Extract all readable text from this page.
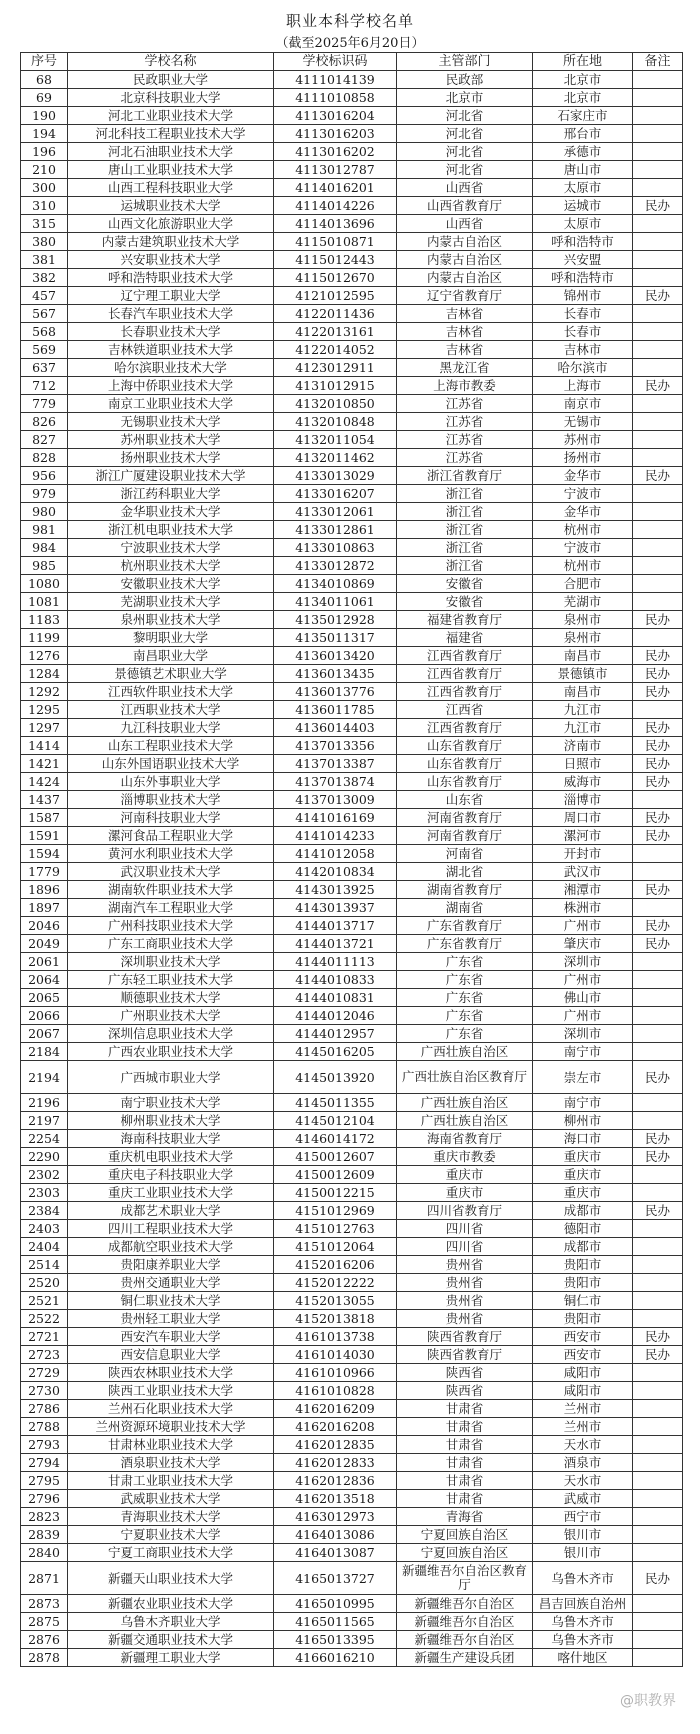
职业本科学校名单
（截至2025年6月20日）
序号	学校名称	学校标识码	主管部门	所在地	备注
68	民政职业大学	4111014139	民政部	北京市	
69	北京科技职业大学	4111010858	北京市	北京市	
190	河北工业职业技术大学	4113016204	河北省	石家庄市	
194	河北科技工程职业技术大学	4113016203	河北省	邢台市	
196	河北石油职业技术大学	4113016202	河北省	承德市	
210	唐山工业职业技术大学	4113012787	河北省	唐山市	
300	山西工程科技职业大学	4114016201	山西省	太原市	
310	运城职业技术大学	4114014226	山西省教育厅	运城市	民办
315	山西文化旅游职业大学	4114013696	山西省	太原市	
380	内蒙古建筑职业技术大学	4115010871	内蒙古自治区	呼和浩特市	
381	兴安职业技术大学	4115012443	内蒙古自治区	兴安盟	
382	呼和浩特职业技术大学	4115012670	内蒙古自治区	呼和浩特市	
457	辽宁理工职业大学	4121012595	辽宁省教育厅	锦州市	民办
567	长春汽车职业技术大学	4122011436	吉林省	长春市	
568	长春职业技术大学	4122013161	吉林省	长春市	
569	吉林铁道职业技术大学	4122014052	吉林省	吉林市	
637	哈尔滨职业技术大学	4123012911	黑龙江省	哈尔滨市	
712	上海中侨职业技术大学	4131012915	上海市教委	上海市	民办
779	南京工业职业技术大学	4132010850	江苏省	南京市	
826	无锡职业技术大学	4132010848	江苏省	无锡市	
827	苏州职业技术大学	4132011054	江苏省	苏州市	
828	扬州职业技术大学	4132011462	江苏省	扬州市	
956	浙江广厦建设职业技术大学	4133013029	浙江省教育厅	金华市	民办
979	浙江药科职业大学	4133016207	浙江省	宁波市	
980	金华职业技术大学	4133012061	浙江省	金华市	
981	浙江机电职业技术大学	4133012861	浙江省	杭州市	
984	宁波职业技术大学	4133010863	浙江省	宁波市	
985	杭州职业技术大学	4133012872	浙江省	杭州市	
1080	安徽职业技术大学	4134010869	安徽省	合肥市	
1081	芜湖职业技术大学	4134011061	安徽省	芜湖市	
1183	泉州职业技术大学	4135012928	福建省教育厅	泉州市	民办
1199	黎明职业大学	4135011317	福建省	泉州市	
1276	南昌职业大学	4136013420	江西省教育厅	南昌市	民办
1284	景德镇艺术职业大学	4136013435	江西省教育厅	景德镇市	民办
1292	江西软件职业技术大学	4136013776	江西省教育厅	南昌市	民办
1295	江西职业技术大学	4136011785	江西省	九江市	
1297	九江科技职业大学	4136014403	江西省教育厅	九江市	民办
1414	山东工程职业技术大学	4137013356	山东省教育厅	济南市	民办
1421	山东外国语职业技术大学	4137013387	山东省教育厅	日照市	民办
1424	山东外事职业大学	4137013874	山东省教育厅	威海市	民办
1437	淄博职业技术大学	4137013009	山东省	淄博市	
1587	河南科技职业大学	4141016169	河南省教育厅	周口市	民办
1591	漯河食品工程职业大学	4141014233	河南省教育厅	漯河市	民办
1594	黄河水利职业技术大学	4141012058	河南省	开封市	
1779	武汉职业技术大学	4142010834	湖北省	武汉市	
1896	湖南软件职业技术大学	4143013925	湖南省教育厅	湘潭市	民办
1897	湖南汽车工程职业大学	4143013937	湖南省	株洲市	
2046	广州科技职业技术大学	4144013717	广东省教育厅	广州市	民办
2049	广东工商职业技术大学	4144013721	广东省教育厅	肇庆市	民办
2061	深圳职业技术大学	4144011113	广东省	深圳市	
2064	广东轻工职业技术大学	4144010833	广东省	广州市	
2065	顺德职业技术大学	4144010831	广东省	佛山市	
2066	广州职业技术大学	4144012046	广东省	广州市	
2067	深圳信息职业技术大学	4144012957	广东省	深圳市	
2184	广西农业职业技术大学	4145016205	广西壮族自治区	南宁市	
2194	广西城市职业大学	4145013920	广西壮族自治区教育厅	崇左市	民办
2196	南宁职业技术大学	4145011355	广西壮族自治区	南宁市	
2197	柳州职业技术大学	4145012104	广西壮族自治区	柳州市	
2254	海南科技职业大学	4146014172	海南省教育厅	海口市	民办
2290	重庆机电职业技术大学	4150012607	重庆市教委	重庆市	民办
2302	重庆电子科技职业大学	4150012609	重庆市	重庆市	
2303	重庆工业职业技术大学	4150012215	重庆市	重庆市	
2384	成都艺术职业大学	4151012969	四川省教育厅	成都市	民办
2403	四川工程职业技术大学	4151012763	四川省	德阳市	
2404	成都航空职业技术大学	4151012064	四川省	成都市	
2514	贵阳康养职业大学	4152016206	贵州省	贵阳市	
2520	贵州交通职业大学	4152012222	贵州省	贵阳市	
2521	铜仁职业技术大学	4152013055	贵州省	铜仁市	
2522	贵州轻工职业大学	4152013818	贵州省	贵阳市	
2721	西安汽车职业大学	4161013738	陕西省教育厅	西安市	民办
2723	西安信息职业大学	4161014030	陕西省教育厅	西安市	民办
2729	陕西农林职业技术大学	4161010966	陕西省	咸阳市	
2730	陕西工业职业技术大学	4161010828	陕西省	咸阳市	
2786	兰州石化职业技术大学	4162016209	甘肃省	兰州市	
2788	兰州资源环境职业技术大学	4162016208	甘肃省	兰州市	
2793	甘肃林业职业技术大学	4162012835	甘肃省	天水市	
2794	酒泉职业技术大学	4162012833	甘肃省	酒泉市	
2795	甘肃工业职业技术大学	4162012836	甘肃省	天水市	
2796	武威职业技术大学	4162013518	甘肃省	武威市	
2823	青海职业技术大学	4163012973	青海省	西宁市	
2839	宁夏职业技术大学	4164013086	宁夏回族自治区	银川市	
2840	宁夏工商职业技术大学	4164013087	宁夏回族自治区	银川市	
2871	新疆天山职业技术大学	4165013727	新疆维吾尔自治区教育厅	乌鲁木齐市	民办
2873	新疆农业职业技术大学	4165010995	新疆维吾尔自治区	昌吉回族自治州	
2875	乌鲁木齐职业大学	4165011565	新疆维吾尔自治区	乌鲁木齐市	
2876	新疆交通职业技术大学	4165013395	新疆维吾尔自治区	乌鲁木齐市	
2878	新疆理工职业大学	4166016210	新疆生产建设兵团	喀什地区	
@职教界
